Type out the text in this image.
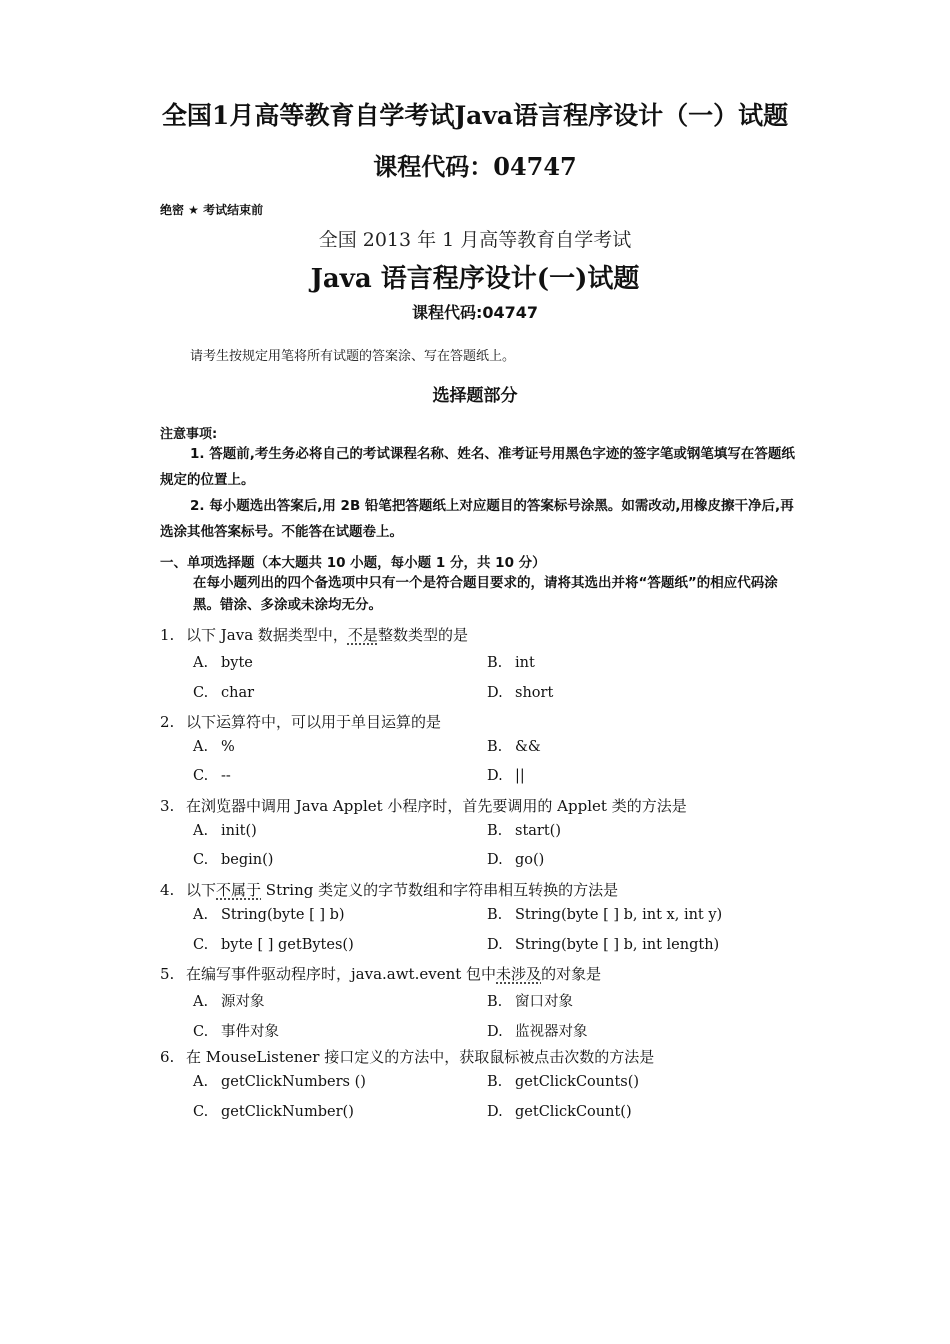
全国1月高等教育自学考试Java语言程序设计（一）试题
课程代码：04747
绝密 ★ 考试结束前
全国 2013 年 1 月高等教育自学考试
Java 语言程序设计(一)试题
课程代码:04747
请考生按规定用笔将所有试题的答案涂、写在答题纸上。
选择题部分
注意事项:
1. 答题前,考生务必将自己的考试课程名称、姓名、准考证号用黑色字迹的签字笔或钢笔填写在答题纸规定的位置上。
2. 每小题选出答案后,用 2B 铅笔把答题纸上对应题目的答案标号涂黑。如需改动,用橡皮擦干净后,再选涂其他答案标号。不能答在试题卷上。
一、单项选择题（本大题共 10 小题，每小题 1 分，共 10 分）
在每小题列出的四个备选项中只有一个是符合题目要求的，请将其选出并将“答题纸”的相应代码涂黑。错涂、多涂或未涂均无分。
1. 以下 Java 数据类型中，不是整数类型的是
A. byte	B. int
C. char	D. short
2. 以下运算符中，可以用于单目运算的是
A. %	B. &&
C. --	D. ||
3. 在浏览器中调用 Java Applet 小程序时，首先要调用的 Applet 类的方法是
A. init()	B. start()
C. begin()	D. go()
4. 以下不属于 String 类定义的字节数组和字符串相互转换的方法是
A. String(byte [ ] b)	B. String(byte [ ] b, int x, int y)
C. byte [ ] getBytes()	D. String(byte [ ] b, int length)
5. 在编写事件驱动程序时，java.awt.event 包中未涉及的对象是
A. 源对象	B. 窗口对象
C. 事件对象	D. 监视器对象
6. 在 MouseListener 接口定义的方法中，获取鼠标被点击次数的方法是
A. getClickNumbers ()	B. getClickCounts()
C. getClickNumber()	D. getClickCount()
